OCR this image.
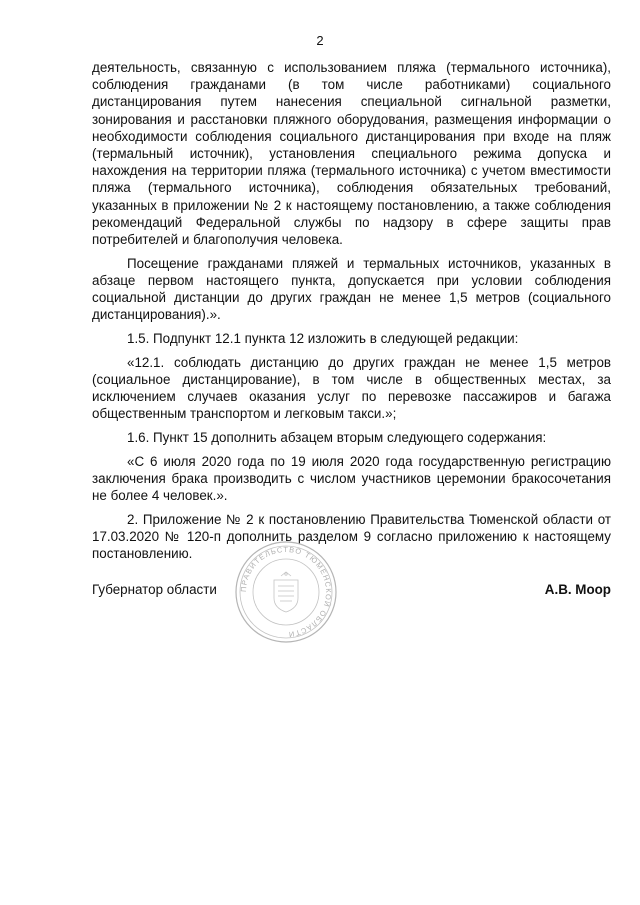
2

деятельность, связанную с использованием пляжа (термального источника), соблюдения гражданами (в том числе работниками) социального дистанцирования путем нанесения специальной сигнальной разметки, зонирования и расстановки пляжного оборудования, размещения информации о необходимости соблюдения социального дистанцирования при входе на пляж (термальный источник), установления специального режима допуска и нахождения на территории пляжа (термального источника) с учетом вместимости пляжа (термального источника), соблюдения обязательных требований, указанных в приложении № 2 к настоящему постановлению, а также соблюдения рекомендаций Федеральной службы по надзору в сфере защиты прав потребителей и благополучия человека.

Посещение гражданами пляжей и термальных источников, указанных в абзаце первом настоящего пункта, допускается при условии соблюдения социальной дистанции до других граждан не менее 1,5 метров (социального дистанцирования).».

1.5. Подпункт 12.1 пункта 12 изложить в следующей редакции:

«12.1. соблюдать дистанцию до других граждан не менее 1,5 метров (социальное дистанцирование), в том числе в общественных местах, за исключением случаев оказания услуг по перевозке пассажиров и багажа общественным транспортом и легковым такси.»;

1.6. Пункт 15 дополнить абзацем вторым следующего содержания:

«С 6 июля 2020 года по 19 июля 2020 года государственную регистрацию заключения брака производить с числом участников церемонии бракосочетания не более 4 человек.».

2. Приложение № 2 к постановлению Правительства Тюменской области от 17.03.2020 № 120-п дополнить разделом 9 согласно приложению к настоящему постановлению.

ПРАВИТЕЛЬСТВО ТЮМЕНСКОЙ ОБЛАСТИ
Губернатор области	А.В. Моор
